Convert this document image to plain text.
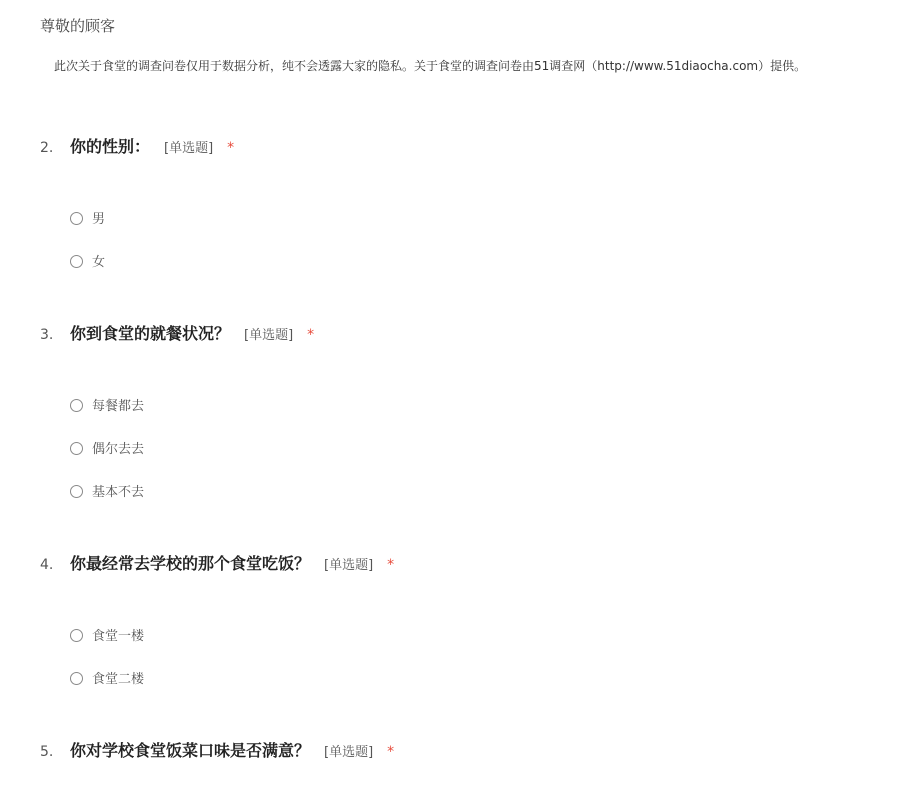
尊敬的顾客
此次关于食堂的调查问卷仅用于数据分析，纯不会透露大家的隐私。关于食堂的调查问卷由51调查网（http://www.51diaocha.com）提供。
2. 你的性别： [单选题] *
男
女
3. 你到食堂的就餐状况？ [单选题] *
每餐都去
偶尔去去
基本不去
4. 你最经常去学校的那个食堂吃饭？ [单选题] *
食堂一楼
食堂二楼
5. 你对学校食堂饭菜口味是否满意？ [单选题] *
